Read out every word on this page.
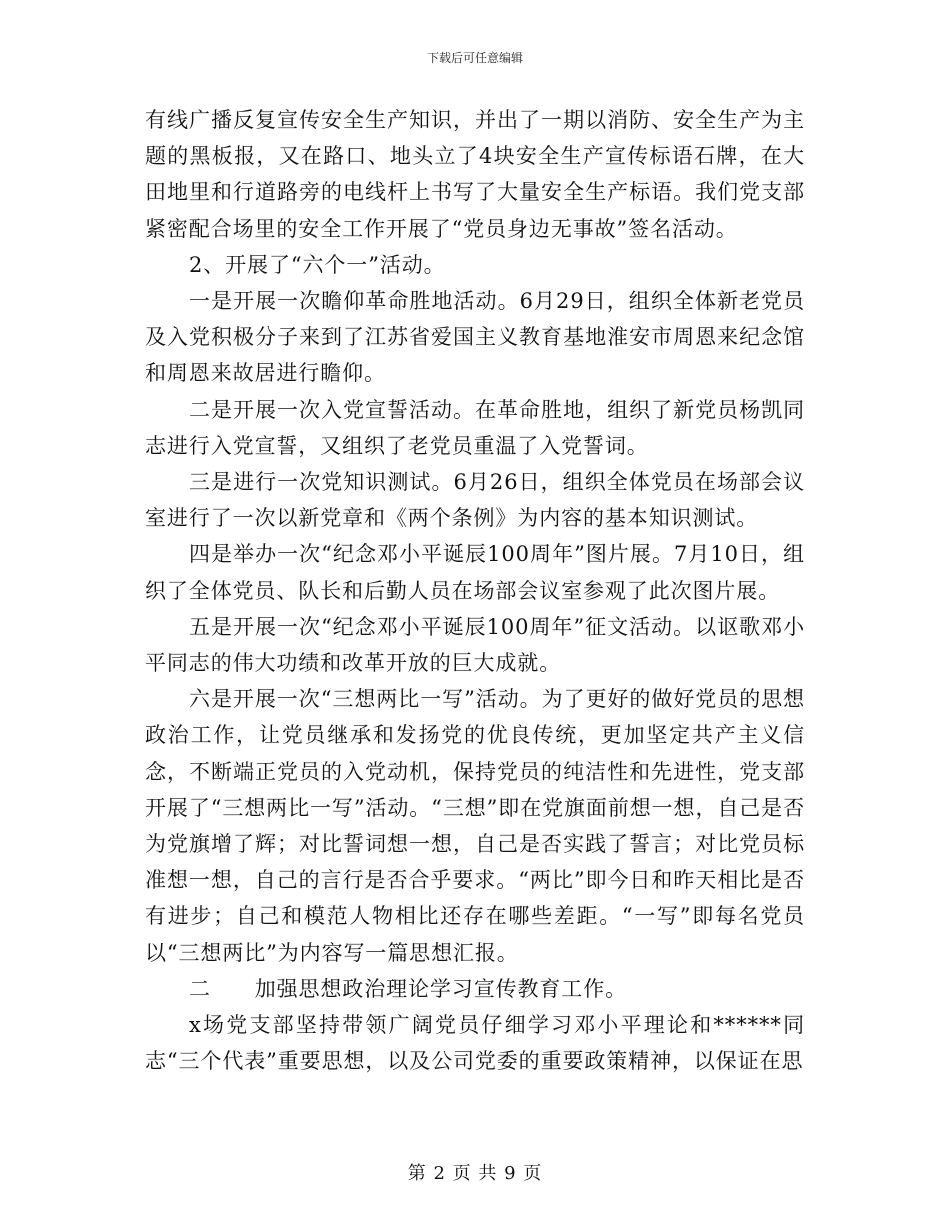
下载后可任意编辑

有线广播反复宣传安全生产知识，并出了一期以消防、安全生产为主题的黑板报，又在路口、地头立了4块安全生产宣传标语石牌，在大田地里和行道路旁的电线杆上书写了大量安全生产标语。我们党支部紧密配合场里的安全工作开展了“党员身边无事故”签名活动。

2、开展了“六个一”活动。

一是开展一次瞻仰革命胜地活动。6月29日，组织全体新老党员及入党积极分子来到了江苏省爱国主义教育基地淮安市周恩来纪念馆和周恩来故居进行瞻仰。

二是开展一次入党宣誓活动。在革命胜地，组织了新党员杨凯同志进行入党宣誓，又组织了老党员重温了入党誓词。

三是进行一次党知识测试。6月26日，组织全体党员在场部会议室进行了一次以新党章和《两个条例》为内容的基本知识测试。

四是举办一次“纪念邓小平诞辰100周年”图片展。7月10日，组织了全体党员、队长和后勤人员在场部会议室参观了此次图片展。

五是开展一次“纪念邓小平诞辰100周年”征文活动。以讴歌邓小平同志的伟大功绩和改革开放的巨大成就。

六是开展一次“三想两比一写”活动。为了更好的做好党员的思想政治工作，让党员继承和发扬党的优良传统，更加坚定共产主义信念，不断端正党员的入党动机，保持党员的纯洁性和先进性，党支部开展了“三想两比一写”活动。“三想”即在党旗面前想一想，自己是否为党旗增了辉；对比誓词想一想，自己是否实践了誓言；对比党员标准想一想，自己的言行是否合乎要求。“两比”即今日和昨天相比是否有进步；自己和模范人物相比还存在哪些差距。“一写”即每名党员以“三想两比”为内容写一篇思想汇报。

二　　加强思想政治理论学习宣传教育工作。

x场党支部坚持带领广阔党员仔细学习邓小平理论和******同志“三个代表”重要思想，以及公司党委的重要政策精神，以保证在思

第 2 页 共 9 页
